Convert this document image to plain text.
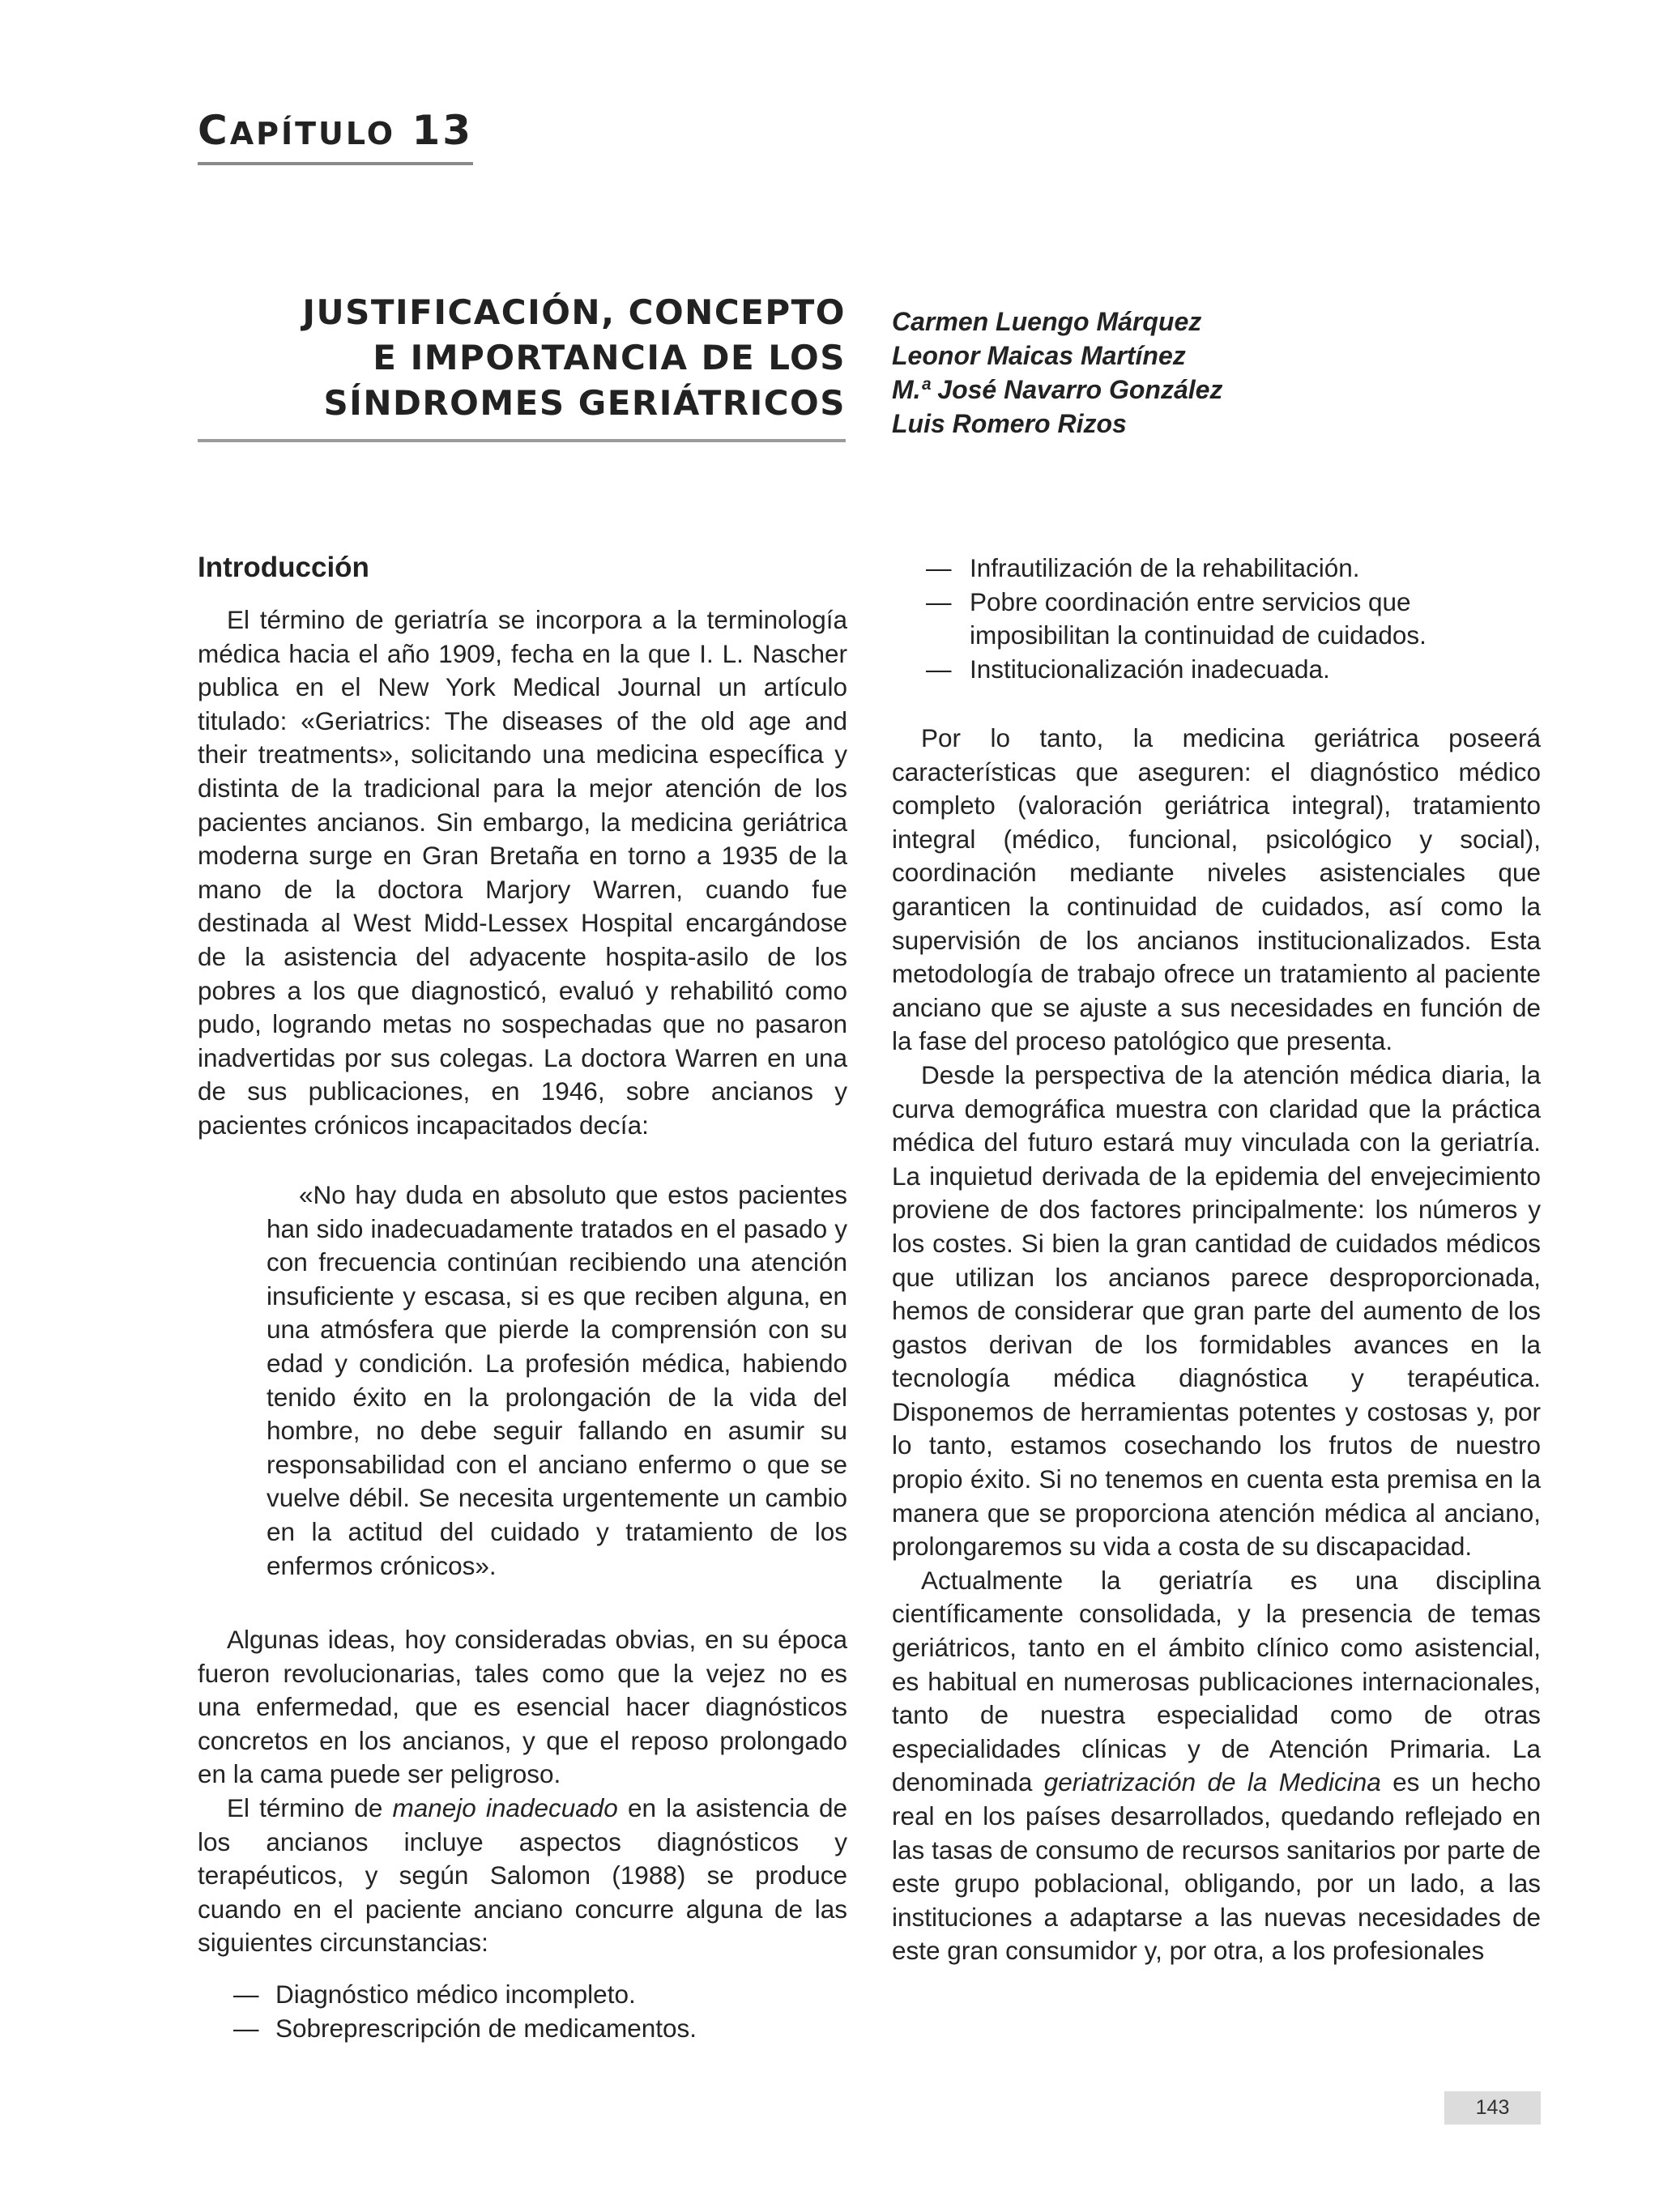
CAPÍTULO 13
JUSTIFICACIÓN, CONCEPTO
E IMPORTANCIA DE LOS
SÍNDROMES GERIÁTRICOS
Carmen Luengo Márquez
Leonor Maicas Martínez
M.ª José Navarro González
Luis Romero Rizos
Introducción

El término de geriatría se incorpora a la terminología médica hacia el año 1909, fecha en la que I. L. Nascher publica en el New York Medical Journal un artículo titulado: «Geriatrics: The diseases of the old age and their treatments», solicitando una medicina específica y distinta de la tradicional para la mejor atención de los pacientes ancianos. Sin embargo, la medicina geriátrica moderna surge en Gran Bretaña en torno a 1935 de la mano de la doctora Marjory Warren, cuando fue destinada al West Midd-Lessex Hospital encargándose de la asistencia del adyacente hospita-asilo de los pobres a los que diagnosticó, evaluó y rehabilitó como pudo, logrando metas no sospechadas que no pasaron inadvertidas por sus colegas. La doctora Warren en una de sus publicaciones, en 1946, sobre ancianos y pacientes crónicos incapacitados decía:

«No hay duda en absoluto que estos pacientes han sido inadecuadamente tratados en el pasado y con frecuencia continúan recibiendo una atención insuficiente y escasa, si es que reciben alguna, en una atmósfera que pierde la comprensión con su edad y condición. La profesión médica, habiendo tenido éxito en la prolongación de la vida del hombre, no debe seguir fallando en asumir su responsabilidad con el anciano enfermo o que se vuelve débil. Se necesita urgentemente un cambio en la actitud del cuidado y tratamiento de los enfermos crónicos».

Algunas ideas, hoy consideradas obvias, en su época fueron revolucionarias, tales como que la vejez no es una enfermedad, que es esencial hacer diagnósticos concretos en los ancianos, y que el reposo prolongado en la cama puede ser peligroso.

El término de manejo inadecuado en la asistencia de los ancianos incluye aspectos diagnósticos y terapéuticos, y según Salomon (1988) se produce cuando en el paciente anciano concurre alguna de las siguientes circunstancias:

— Diagnóstico médico incompleto.
— Sobreprescripción de medicamentos.
— Infrautilización de la rehabilitación.
— Pobre coordinación entre servicios que imposibilitan la continuidad de cuidados.
— Institucionalización inadecuada.

Por lo tanto, la medicina geriátrica poseerá características que aseguren: el diagnóstico médico completo (valoración geriátrica integral), tratamiento integral (médico, funcional, psicológico y social), coordinación mediante niveles asistenciales que garanticen la continuidad de cuidados, así como la supervisión de los ancianos institucionalizados. Esta metodología de trabajo ofrece un tratamiento al paciente anciano que se ajuste a sus necesidades en función de la fase del proceso patológico que presenta.

Desde la perspectiva de la atención médica diaria, la curva demográfica muestra con claridad que la práctica médica del futuro estará muy vinculada con la geriatría. La inquietud derivada de la epidemia del envejecimiento proviene de dos factores principalmente: los números y los costes. Si bien la gran cantidad de cuidados médicos que utilizan los ancianos parece desproporcionada, hemos de considerar que gran parte del aumento de los gastos derivan de los formidables avances en la tecnología médica diagnóstica y terapéutica. Disponemos de herramientas potentes y costosas y, por lo tanto, estamos cosechando los frutos de nuestro propio éxito. Si no tenemos en cuenta esta premisa en la manera que se proporciona atención médica al anciano, prolongaremos su vida a costa de su discapacidad.

Actualmente la geriatría es una disciplina científicamente consolidada, y la presencia de temas geriátricos, tanto en el ámbito clínico como asistencial, es habitual en numerosas publicaciones internacionales, tanto de nuestra especialidad como de otras especialidades clínicas y de Atención Primaria. La denominada geriatrización de la Medicina es un hecho real en los países desarrollados, quedando reflejado en las tasas de consumo de recursos sanitarios por parte de este grupo poblacional, obligando, por un lado, a las instituciones a adaptarse a las nuevas necesidades de este gran consumidor y, por otra, a los profesionales

143
